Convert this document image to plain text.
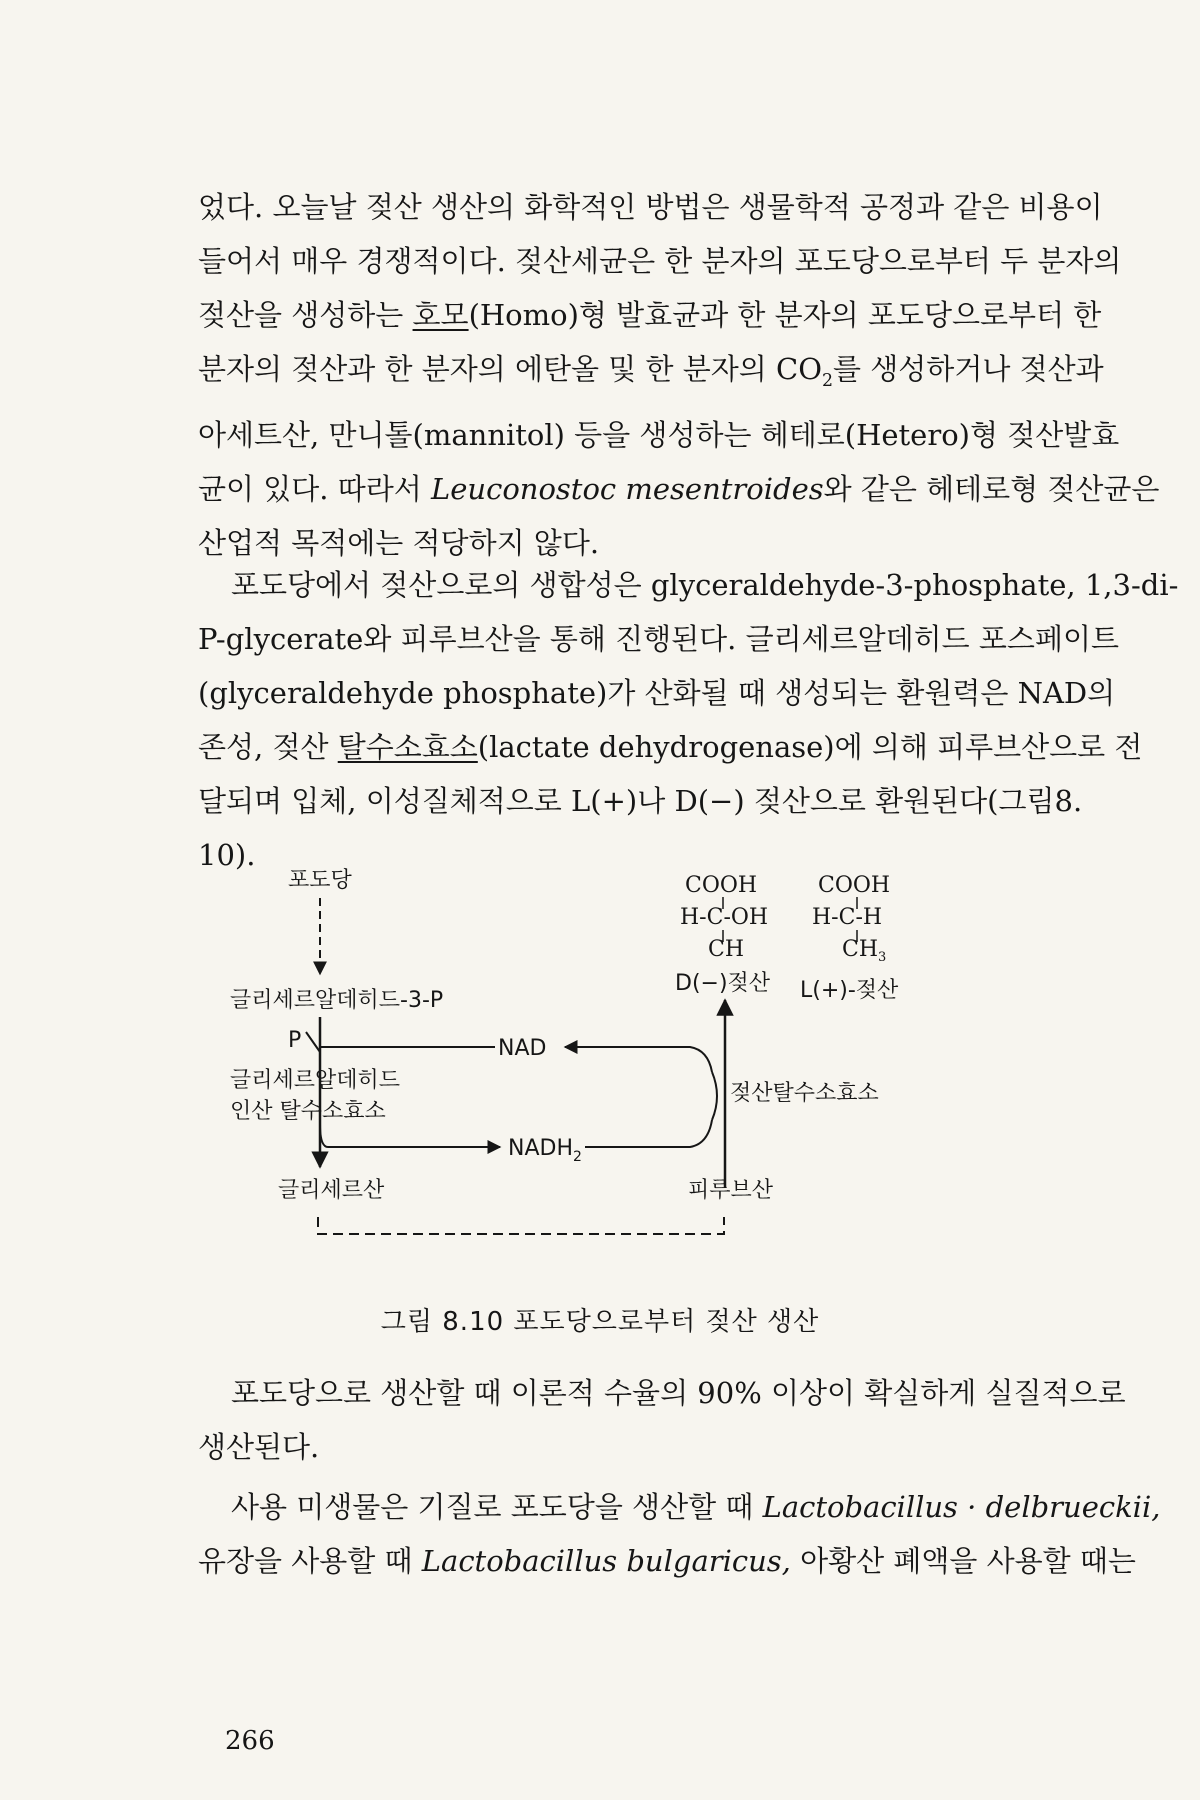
었다. 오늘날 젖산 생산의 화학적인 방법은 생물학적 공정과 같은 비용이
들어서 매우 경쟁적이다. 젖산세균은 한 분자의 포도당으로부터 두 분자의
젖산을 생성하는 호모(Homo)형 발효균과 한 분자의 포도당으로부터 한
분자의 젖산과 한 분자의 에탄올 및 한 분자의 $CO_2$를 생성하거나 젖산과
아세트산, 만니톨(mannitol) 등을 생성하는 헤테로(Hetero)형 젖산발효
균이 있다. 따라서 Leuconostoc mesentroides와 같은 헤테로형 젖산균은
산업적 목적에는 적당하지 않다.
포도당에서 젖산으로의 생합성은 glyceraldehyde-3-phosphate, 1,3-di-
P-glycerate와 피루브산을 통해 진행된다. 글리세르알데히드 포스페이트
(glyceraldehyde phosphate)가 산화될 때 생성되는 환원력은 NAD의
존성, 젖산 탈수소효소(lactate dehydrogenase)에 의해 피루브산으로 전
달되며 입체, 이성질체적으로 L(+)나 D(−) 젖산으로 환원된다(그림8.
10).
포도당
글리세르알데히드-3-P
P
글리세르알데히드
인산 탈수소효소
NAD
$NADH_2$
젖산탈수소효소
글리세르산	피루브산
COOH
H-C-OH
CH
D(−)젖산
COOH
H-C-H
$CH_3$
L(+)-젖산
그림 8.10 포도당으로부터 젖산 생산
포도당으로 생산할 때 이론적 수율의 90% 이상이 확실하게 실질적으로
생산된다.
사용 미생물은 기질로 포도당을 생산할 때 Lactobacillus · delbrueckii,
유장을 사용할 때 Lactobacillus bulgaricus, 아황산 폐액을 사용할 때는
266
